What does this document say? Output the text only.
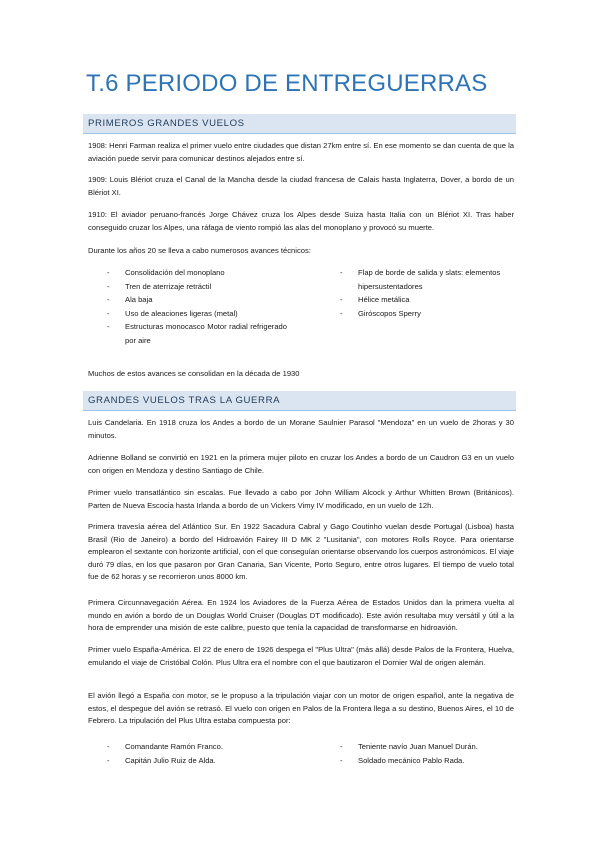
T.6 PERIODO DE ENTREGUERRAS
PRIMEROS GRANDES VUELOS

1908: Henri Farman realiza el primer vuelo entre ciudades que distan 27km entre sí. En ese momento se dan cuenta de que la aviación puede servir para comunicar destinos alejados entre sí.

1909: Louis Blériot cruza el Canal de la Mancha desde la ciudad francesa de Calais hasta Inglaterra, Dover, a bordo de un Blériot XI.

1910: El aviador peruano-francés Jorge Chávez cruza los Alpes desde Suiza hasta Italia con un Blériot XI. Tras haber conseguido cruzar los Alpes, una ráfaga de viento rompió las alas del monoplano y provocó su muerte.

Durante los años 20 se lleva a cabo numerosos avances técnicos:

- Consolidación del monoplano
- Tren de aterrizaje retráctil
- Ala baja
- Uso de aleaciones ligeras (metal)
- Estructuras monocasco Motor radial refrigerado por aire
- Flap de borde de salida y slats: elementos hipersustentadores
- Hélice metálica
- Giróscopos Sperry

Muchos de estos avances se consolidan en la década de 1930

GRANDES VUELOS TRAS LA GUERRA

Luis Candelaria. En 1918 cruza los Andes a bordo de un Morane Saulnier Parasol "Mendoza" en un vuelo de 2horas y 30 minutos.

Adrienne Bolland se convirtió en 1921 en la primera mujer piloto en cruzar los Andes a bordo de un Caudron G3 en un vuelo con origen en Mendoza y destino Santiago de Chile.

Primer vuelo transatlántico sin escalas. Fue llevado a cabo por John William Alcock y Arthur Whitten Brown (Británicos). Parten de Nueva Escocia hasta Irlanda a bordo de un Vickers Vimy IV modificado, en un vuelo de 12h.

Primera travesía aérea del Atlántico Sur. En 1922 Sacadura Cabral y Gago Coutinho vuelan desde Portugal (Lisboa) hasta Brasil (Rio de Janeiro) a bordo del Hidroavión Fairey III D MK 2 "Lusitania", con motores Rolls Royce. Para orientarse emplearon el sextante con horizonte artificial, con el que conseguían orientarse observando los cuerpos astronómicos. El viaje duró 79 días, en los que pasaron por Gran Canaria, San Vicente, Porto Seguro, entre otros lugares. El tiempo de vuelo total fue de 62 horas y se recorrieron unos 8000 km.

Primera Circunnavegación Aérea. En 1924 los Aviadores de la Fuerza Aérea de Estados Unidos dan la primera vuelta al mundo en avión a bordo de un Douglas World Cruiser (Douglas DT modificado). Este avión resultaba muy versátil y útil a la hora de emprender una misión de este calibre, puesto que tenía la capacidad de transformarse en hidroavión.

Primer vuelo España-América. El 22 de enero de 1926 despega el "Plus Ultra" (más allá) desde Palos de la Frontera, Huelva, emulando el viaje de Cristóbal Colón. Plus Ultra era el nombre con el que bautizaron el Dornier Wal de origen alemán.

El avión llegó a España con motor, se le propuso a la tripulación viajar con un motor de origen español, ante la negativa de estos, el despegue del avión se retrasó. El vuelo con origen en Palos de la Frontera llega a su destino, Buenos Aires, el 10 de Febrero. La tripulación del Plus Ultra estaba compuesta por:

- Comandante Ramón Franco.
- Capitán Julio Ruiz de Alda.
- Teniente navío Juan Manuel Durán.
- Soldado mecánico Pablo Rada.
